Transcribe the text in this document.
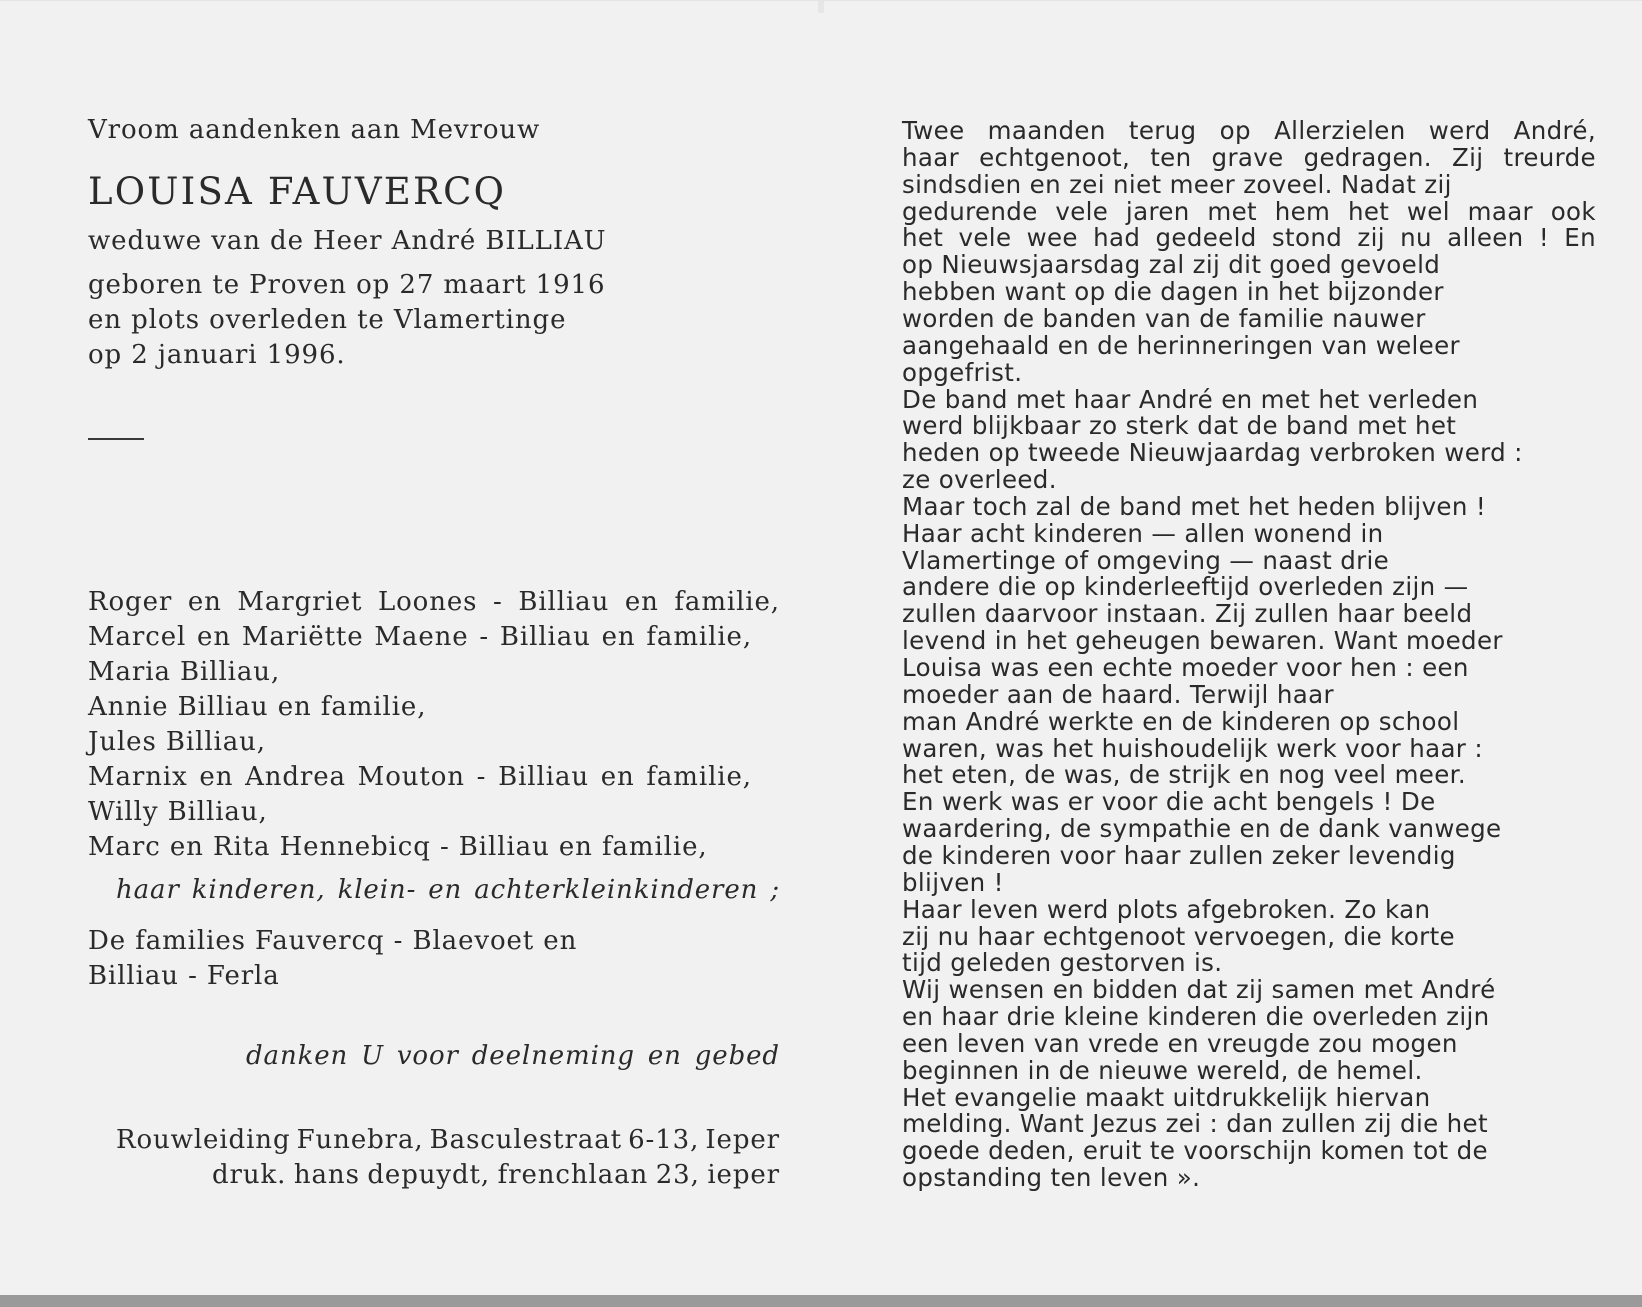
Vroom aandenken aan Mevrouw
LOUISA FAUVERCQ
weduwe van de Heer André BILLIAU
geboren te Proven op 27 maart 1916
en plots overleden te Vlamertinge
op 2 januari 1996.
Roger en Margriet Loones - Billiau en familie,
Marcel en Mariëtte Maene - Billiau en familie,
Maria Billiau,
Annie Billiau en familie,
Jules Billiau,
Marnix en Andrea Mouton - Billiau en familie,
Willy Billiau,
Marc en Rita Hennebicq - Billiau en familie,
haar kinderen, klein- en achterkleinkinderen ;
De families Fauvercq - Blaevoet en
Billiau - Ferla
danken U voor deelneming en gebed
Rouwleiding Funebra, Basculestraat 6-13, Ieper
druk. hans depuydt, frenchlaan 23, ieper
Twee maanden terug op Allerzielen werd André,
haar echtgenoot, ten grave gedragen. Zij treurde
sindsdien en zei niet meer zoveel. Nadat zij
gedurende vele jaren met hem het wel maar ook
het vele wee had gedeeld stond zij nu alleen ! En
op Nieuwsjaarsdag zal zij dit goed gevoeld
hebben want op die dagen in het bijzonder
worden de banden van de familie nauwer
aangehaald en de herinneringen van weleer
opgefrist.
De band met haar André en met het verleden
werd blijkbaar zo sterk dat de band met het
heden op tweede Nieuwjaardag verbroken werd :
ze overleed.
Maar toch zal de band met het heden blijven !
Haar acht kinderen — allen wonend in
Vlamertinge of omgeving — naast drie
andere die op kinderleeftijd overleden zijn —
zullen daarvoor instaan. Zij zullen haar beeld
levend in het geheugen bewaren. Want moeder
Louisa was een echte moeder voor hen : een
moeder aan de haard. Terwijl haar
man André werkte en de kinderen op school
waren, was het huishoudelijk werk voor haar :
het eten, de was, de strijk en nog veel meer.
En werk was er voor die acht bengels ! De
waardering, de sympathie en de dank vanwege
de kinderen voor haar zullen zeker levendig
blijven !
Haar leven werd plots afgebroken. Zo kan
zij nu haar echtgenoot vervoegen, die korte
tijd geleden gestorven is.
Wij wensen en bidden dat zij samen met André
en haar drie kleine kinderen die overleden zijn
een leven van vrede en vreugde zou mogen
beginnen in de nieuwe wereld, de hemel.
Het evangelie maakt uitdrukkelijk hiervan
melding. Want Jezus zei : dan zullen zij die het
goede deden, eruit te voorschijn komen tot de
opstanding ten leven ».
